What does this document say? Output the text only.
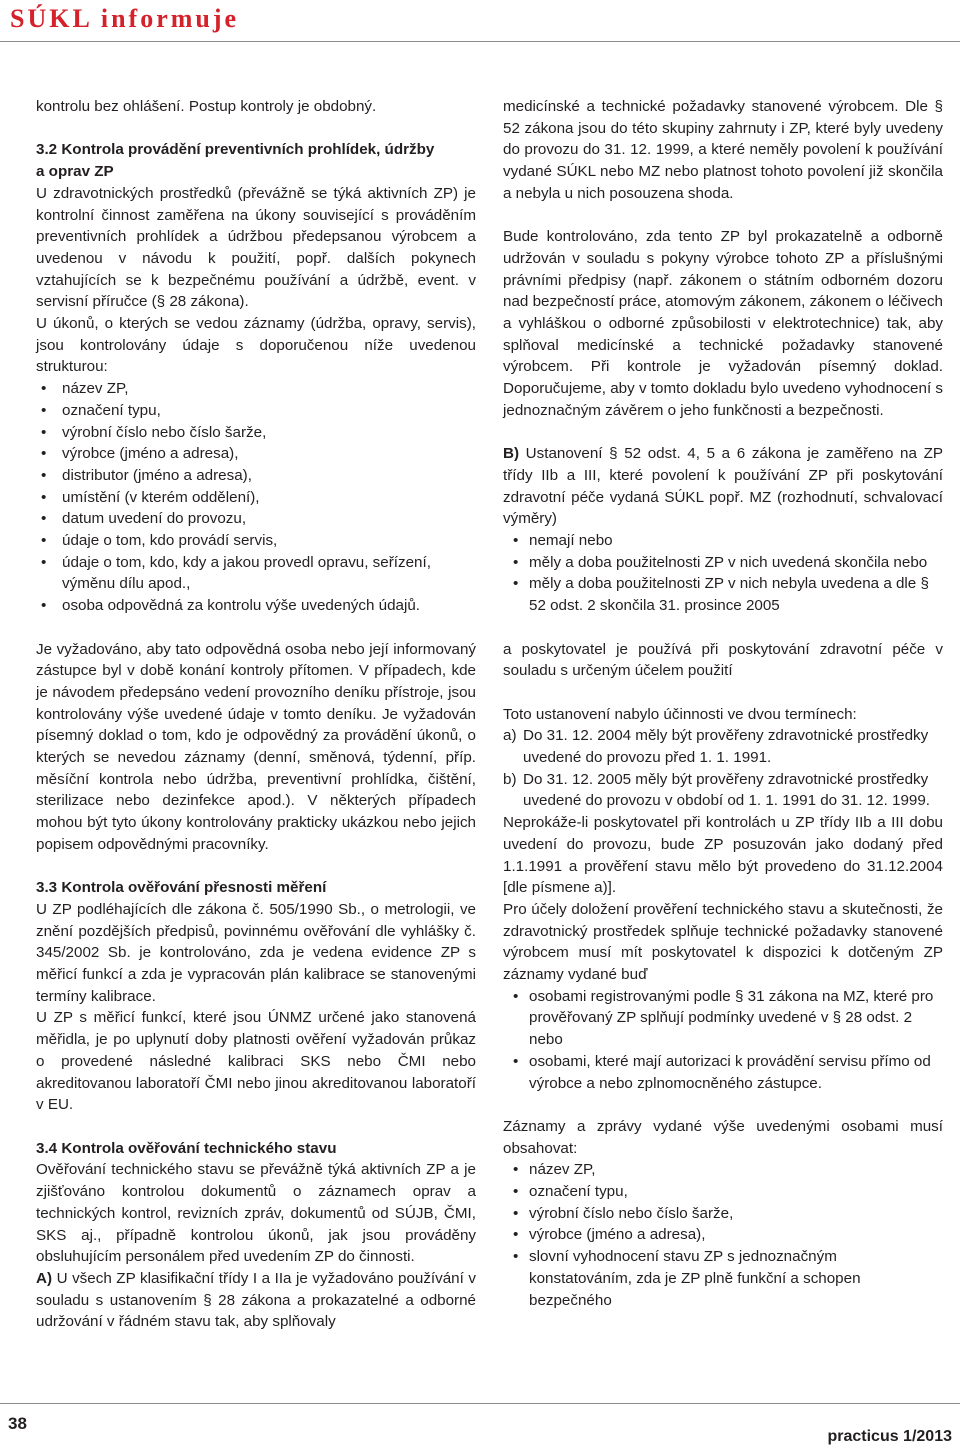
SÚKL informuje

kontrolu bez ohlášení. Postup kontroly je obdobný.

3.2 Kontrola provádění preventivních prohlídek, údržby
a oprav ZP

U zdravotnických prostředků (převážně se týká aktivních ZP) je kontrolní činnost zaměřena na úkony související s prováděním preventivních prohlídek a údržbou předepsanou výrobcem a uvedenou v návodu k použití, popř. dalších pokynech vztahujících se k bezpečnému používání a údržbě, event. v servisní příručce (§ 28 zákona).

U úkonů, o kterých se vedou záznamy (údržba, opravy, servis), jsou kontrolovány údaje s doporučenou níže uvedenou strukturou:

• název ZP,
• označení typu,
• výrobní číslo nebo číslo šarže,
• výrobce (jméno a adresa),
• distributor (jméno a adresa),
• umístění (v kterém oddělení),
• datum uvedení do provozu,
• údaje o tom, kdo provádí servis,
• údaje o tom, kdo, kdy a jakou provedl opravu, seřízení, výměnu dílu apod.,
• osoba odpovědná za kontrolu výše uvedených údajů.

Je vyžadováno, aby tato odpovědná osoba nebo její informovaný zástupce byl v době konání kontroly přítomen. V případech, kde je návodem předepsáno vedení provozního deníku přístroje, jsou kontrolovány výše uvedené údaje v tomto deníku. Je vyžadován písemný doklad o tom, kdo je odpovědný za provádění úkonů, o kterých se nevedou záznamy (denní, směnová, týdenní, příp. měsíční kontrola nebo údržba, preventivní prohlídka, čištění, sterilizace nebo dezinfekce apod.). V některých případech mohou být tyto úkony kontrolovány prakticky ukázkou nebo jejich popisem odpovědnými pracovníky.

3.3 Kontrola ověřování přesnosti měření

U ZP podléhajících dle zákona č. 505/1990 Sb., o metrologii, ve znění pozdějších předpisů, povinnému ověřování dle vyhlášky č. 345/2002 Sb. je kontrolováno, zda je vedena evidence ZP s měřicí funkcí a zda je vypracován plán kalibrace se stanovenými termíny kalibrace.

U ZP s měřicí funkcí, které jsou ÚNMZ určené jako stanovená měřidla, je po uplynutí doby platnosti ověření vyžadován průkaz o provedené následné kalibraci SKS nebo ČMI nebo akreditovanou laboratoří ČMI nebo jinou akreditovanou laboratoří v EU.

3.4 Kontrola ověřování technického stavu

Ověřování technického stavu se převážně týká aktivních ZP a je zjišťováno kontrolou dokumentů o záznamech oprav a technických kontrol, revizních zpráv, dokumentů od SÚJB, ČMI, SKS aj., případně kontrolou úkonů, jak jsou prováděny obsluhujícím personálem před uvedením ZP do činnosti.

A) U všech ZP klasifikační třídy I a IIa je vyžadováno používání v souladu s ustanovením § 28 zákona a prokazatelné a odborné udržování v řádném stavu tak, aby splňovaly

medicínské a technické požadavky stanovené výrobcem. Dle § 52 zákona jsou do této skupiny zahrnuty i ZP, které byly uvedeny do provozu do 31. 12. 1999, a které neměly povolení k používání vydané SÚKL nebo MZ nebo platnost tohoto povolení již skončila a nebyla u nich posouzena shoda.

Bude kontrolováno, zda tento ZP byl prokazatelně a odborně udržován v souladu s pokyny výrobce tohoto ZP a příslušnými právními předpisy (např. zákonem o státním odborném dozoru nad bezpečností práce, atomovým zákonem, zákonem o léčivech a vyhláškou o odborné způsobilosti v elektrotechnice) tak, aby splňoval medicínské a technické požadavky stanovené výrobcem. Při kontrole je vyžadován písemný doklad. Doporučujeme, aby v tomto dokladu bylo uvedeno vyhodnocení s jednoznačným závěrem o jeho funkčnosti a bezpečnosti.

B) Ustanovení § 52 odst. 4, 5 a 6 zákona je zaměřeno na ZP třídy IIb a III, které povolení k používání ZP při poskytování zdravotní péče vydaná SÚKL popř. MZ (rozhodnutí, schvalovací výměry)

• nemají nebo
• měly a doba použitelnosti ZP v nich uvedená skončila nebo
• měly a doba použitelnosti ZP v nich nebyla uvedena a dle § 52 odst. 2 skončila 31. prosince 2005

a poskytovatel je používá při poskytování zdravotní péče v souladu s určeným účelem použití

Toto ustanovení nabylo účinnosti ve dvou termínech:

a) Do 31. 12. 2004 měly být prověřeny zdravotnické prostředky uvedené do provozu před 1. 1. 1991.
b) Do 31. 12. 2005 měly být prověřeny zdravotnické prostředky uvedené do provozu v období od 1. 1. 1991 do 31. 12. 1999.

Neprokáže-li poskytovatel při kontrolách u ZP třídy IIb a III dobu uvedení do provozu, bude ZP posuzován jako dodaný před 1.1.1991 a prověření stavu mělo být provedeno do 31.12.2004 [dle písmene a)].

Pro účely doložení prověření technického stavu a skutečnosti, že zdravotnický prostředek splňuje technické požadavky stanovené výrobcem musí mít poskytovatel k dispozici k dotčeným ZP záznamy vydané buď

• osobami registrovanými podle § 31 zákona na MZ, které pro prověřovaný ZP splňují podmínky uvedené v § 28 odst. 2 nebo
• osobami, které mají autorizaci k provádění servisu přímo od výrobce a nebo zplnomocněného zástupce.

Záznamy a zprávy vydané výše uvedenými osobami musí obsahovat:

• název ZP,
• označení typu,
• výrobní číslo nebo číslo šarže,
• výrobce (jméno a adresa),
• slovní vyhodnocení stavu ZP s jednoznačným konstatováním, zda je ZP plně funkční a schopen bezpečného
38
practicus 1/2013
